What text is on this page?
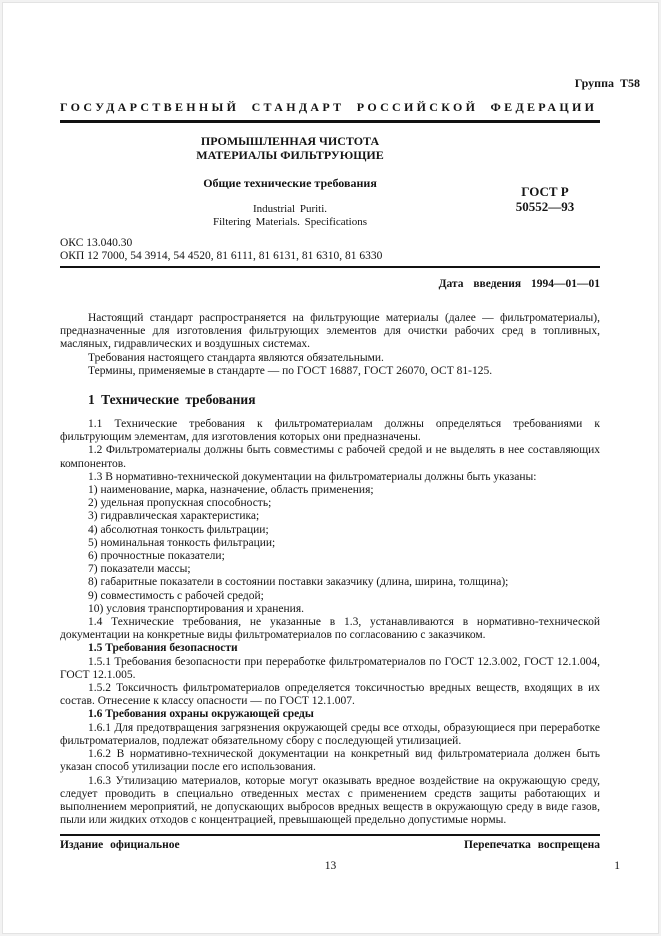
Группа Т58
ГОСУДАРСТВЕННЫЙ СТАНДАРТ РОССИЙСКОЙ ФЕДЕРАЦИИ
ПРОМЫШЛЕННАЯ ЧИСТОТА
МАТЕРИАЛЫ ФИЛЬТРУЮЩИЕ
Общие технические требования
Industrial Puriti.
Filtering Materials. Specifications
ГОСТ Р
50552—93
ОКС 13.040.30
ОКП 12 7000, 54 3914, 54 4520, 81 6111, 81 6131, 81 6310, 81 6330
Дата введения 1994—01—01

Настоящий стандарт распространяется на фильтрующие материалы (далее — фильтроматериалы), предназначенные для изготовления фильтрующих элементов для очистки рабочих сред в топливных, масляных, гидравлических и воздушных системах.

Требования настоящего стандарта являются обязательными.

Термины, применяемые в стандарте — по ГОСТ 16887, ГОСТ 26070, ОСТ 81-125.

1 Технические требования

1.1 Технические требования к фильтроматериалам должны определяться требованиями к фильтрующим элементам, для изготовления которых они предназначены.

1.2 Фильтроматериалы должны быть совместимы с рабочей средой и не выделять в нее составляющих компонентов.

1.3 В нормативно-технической документации на фильтроматериалы должны быть указаны:

1) наименование, марка, назначение, область применения;

2) удельная пропускная способность;

3) гидравлическая характеристика;

4) абсолютная тонкость фильтрации;

5) номинальная тонкость фильтрации;

6) прочностные показатели;

7) показатели массы;

8) габаритные показатели в состоянии поставки заказчику (длина, ширина, толщина);

9) совместимость с рабочей средой;

10) условия транспортирования и хранения.

1.4 Технические требования, не указанные в 1.3, устанавливаются в нормативно-технической документации на конкретные виды фильтроматериалов по согласованию с заказчиком.

1.5 Требования безопасности

1.5.1 Требования безопасности при переработке фильтроматериалов по ГОСТ 12.3.002, ГОСТ 12.1.004, ГОСТ 12.1.005.

1.5.2 Токсичность фильтроматериалов определяется токсичностью вредных веществ, входящих в их состав. Отнесение к классу опасности — по ГОСТ 12.1.007.

1.6 Требования охраны окружающей среды

1.6.1 Для предотвращения загрязнения окружающей среды все отходы, образующиеся при переработке фильтроматериалов, подлежат обязательному сбору с последующей утилизацией.

1.6.2 В нормативно-технической документации на конкретный вид фильтроматериала должен быть указан способ утилизации после его использования.

1.6.3 Утилизацию материалов, которые могут оказывать вредное воздействие на окружающую среду, следует проводить в специально отведенных местах с применением средств защиты работающих и выполнением мероприятий, не допускающих выбросов вредных веществ в окружающую среду в виде газов, пыли или жидких отходов с концентрацией, превышающей предельно допустимые нормы.

Издание официальное	Перепечатка воспрещена
13	1
